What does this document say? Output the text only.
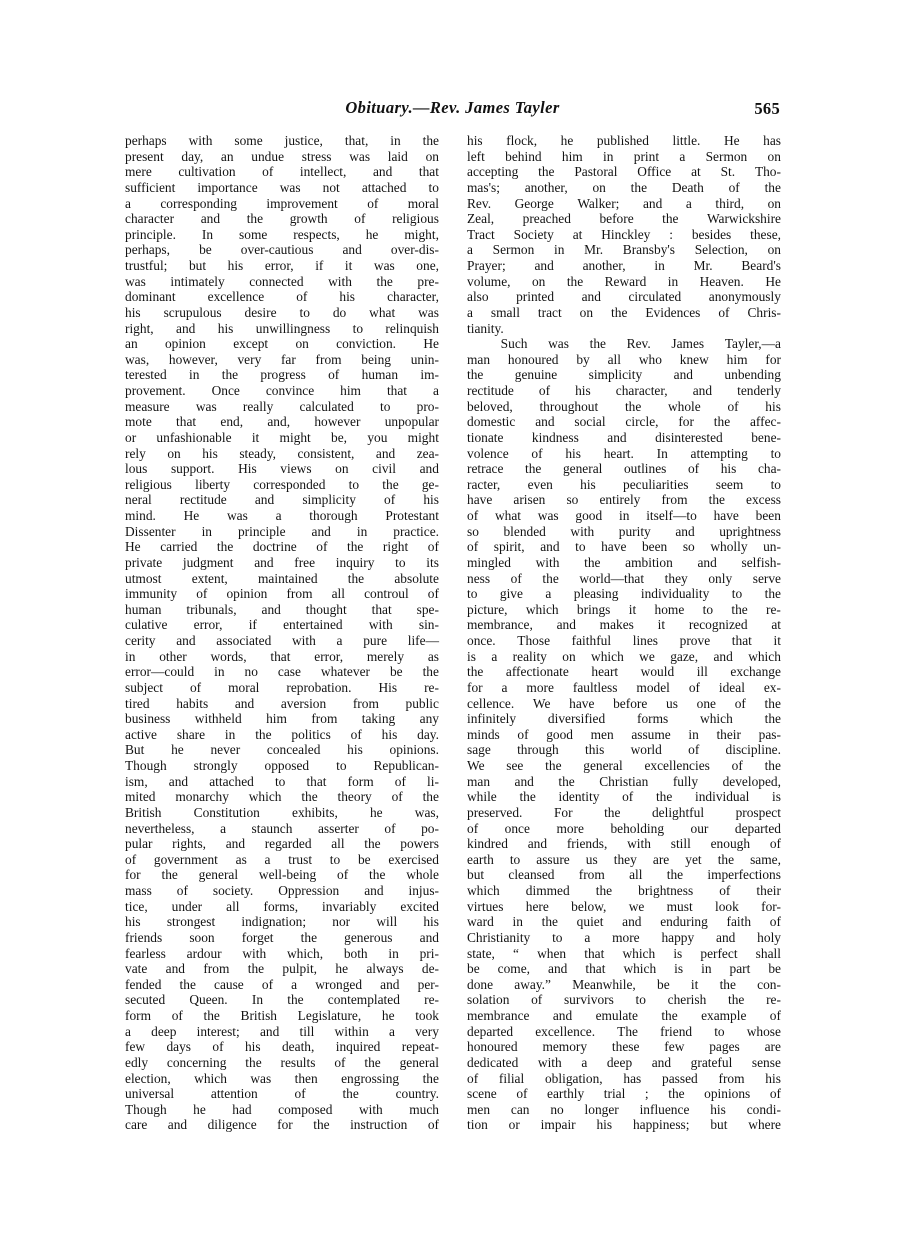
Obituary.—Rev. James Tayler	565
perhaps with some justice, that, in the
present day, an undue stress was laid on
mere cultivation of intellect, and that
sufficient importance was not attached to
a corresponding improvement of moral
character and the growth of religious
principle. In some respects, he might,
perhaps, be over-cautious and over-dis-
trustful; but his error, if it was one,
was intimately connected with the pre-
dominant excellence of his character,
his scrupulous desire to do what was
right, and his unwillingness to relinquish
an opinion except on conviction. He
was, however, very far from being unin-
terested in the progress of human im-
provement. Once convince him that a
measure was really calculated to pro-
mote that end, and, however unpopular
or unfashionable it might be, you might
rely on his steady, consistent, and zea-
lous support. His views on civil and
religious liberty corresponded to the ge-
neral rectitude and simplicity of his
mind. He was a thorough Protestant
Dissenter in principle and in practice.
He carried the doctrine of the right of
private judgment and free inquiry to its
utmost extent, maintained the absolute
immunity of opinion from all controul of
human tribunals, and thought that spe-
culative error, if entertained with sin-
cerity and associated with a pure life—
in other words, that error, merely as
error—could in no case whatever be the
subject of moral reprobation. His re-
tired habits and aversion from public
business withheld him from taking any
active share in the politics of his day.
But he never concealed his opinions.
Though strongly opposed to Republican-
ism, and attached to that form of li-
mited monarchy which the theory of the
British Constitution exhibits, he was,
nevertheless, a staunch asserter of po-
pular rights, and regarded all the powers
of government as a trust to be exercised
for the general well-being of the whole
mass of society. Oppression and injus-
tice, under all forms, invariably excited
his strongest indignation; nor will his
friends soon forget the generous and
fearless ardour with which, both in pri-
vate and from the pulpit, he always de-
fended the cause of a wronged and per-
secuted Queen. In the contemplated re-
form of the British Legislature, he took
a deep interest; and till within a very
few days of his death, inquired repeat-
edly concerning the results of the general
election, which was then engrossing the
universal	attention	of	the	country.
Though he had composed with much
care and diligence for the instruction of
his flock, he published little. He has
left behind him in print a Sermon on
accepting the Pastoral Office at St. Tho-
mas's; another, on the Death of the
Rev. George Walker; and a third, on
Zeal, preached before the Warwickshire
Tract Society at Hinckley : besides these,
a Sermon in Mr. Bransby's Selection, on
Prayer; and another, in Mr. Beard's
volume, on the Reward in Heaven. He
also printed and circulated anonymously
a small tract on the Evidences of Chris-
tianity.
Such was the Rev. James Tayler,—a
man honoured by all who knew him for
the genuine simplicity and unbending
rectitude of his character, and tenderly
beloved, throughout the whole of his
domestic and social circle, for the affec-
tionate kindness and disinterested bene-
volence of his heart. In attempting to
retrace the general outlines of his cha-
racter, even his peculiarities seem to
have arisen so entirely from the excess
of what was good in itself—to have been
so blended with purity and uprightness
of spirit, and to have been so wholly un-
mingled with the ambition and selfish-
ness of the world—that they only serve
to give a pleasing individuality to the
picture, which brings it home to the re-
membrance, and makes it recognized at
once. Those faithful lines prove that it
is a reality on which we gaze, and which
the affectionate heart would ill exchange
for a more faultless model of ideal ex-
cellence. We have before us one of the
infinitely diversified forms which the
minds of good men assume in their pas-
sage through this world of discipline.
We see the general excellencies of the
man and the Christian fully developed,
while the identity of the individual is
preserved. For the delightful prospect
of once more beholding our departed
kindred and friends, with still enough of
earth to assure us they are yet the same,
but cleansed from all the imperfections
which dimmed the brightness of their
virtues here below, we must look for-
ward in the quiet and enduring faith of
Christianity to a more happy and holy
state, “ when that which is perfect shall
be come, and that which is in part be
done away.” Meanwhile, be it the con-
solation of survivors to cherish the re-
membrance and emulate the example of
departed excellence. The friend to whose
honoured memory these few pages are
dedicated with a deep and grateful sense
of filial obligation, has passed from his
scene of earthly trial ; the opinions of
men can no longer influence his condi-
tion or impair his happiness; but where
